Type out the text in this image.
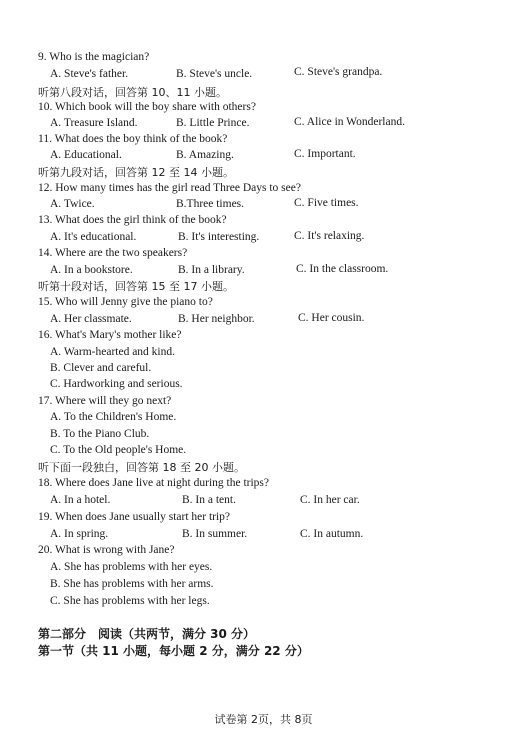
9. Who is the magician?
A. Steve's father.	B. Steve's uncle.	C. Steve's grandpa.
听第八段对话，回答第 10、11 小题。
10. Which book will the boy share with others?
A. Treasure Island.	B. Little Prince.	C. Alice in Wonderland.
11. What does the boy think of the book?
A. Educational.	B. Amazing.	C. Important.
听第九段对话，回答第 12 至 14 小题。
12. How many times has the girl read Three Days to see?
A. Twice.	B.Three times.	C. Five times.
13. What does the girl think of the book?
A. It's educational.	B. It's interesting.	C. It's relaxing.
14. Where are the two speakers?
A. In a bookstore.	B. In a library.	C. In the classroom.
听第十段对话，回答第 15 至 17 小题。
15. Who will Jenny give the piano to?
A. Her classmate.	B. Her neighbor.	C. Her cousin.
16. What's Mary's mother like?
A. Warm-hearted and kind.
B. Clever and careful.
C. Hardworking and serious.
17. Where will they go next?
A. To the Children's Home.
B. To the Piano Club.
C. To the Old people's Home.
听下面一段独白，回答第 18 至 20 小题。
18. Where does Jane live at night during the trips?
A. In a hotel.	B. In a tent.	C. In her car.
19. When does Jane usually start her trip?
A. In spring.	B. In summer.	C. In autumn.
20. What is wrong with Jane?
A. She has problems with her eyes.
B. She has problems with her arms.
C. She has problems with her legs.
第二部分　阅读（共两节，满分 30 分）
第一节（共 11 小题，每小题 2 分，满分 22 分）
试卷第 2页，共 8页
